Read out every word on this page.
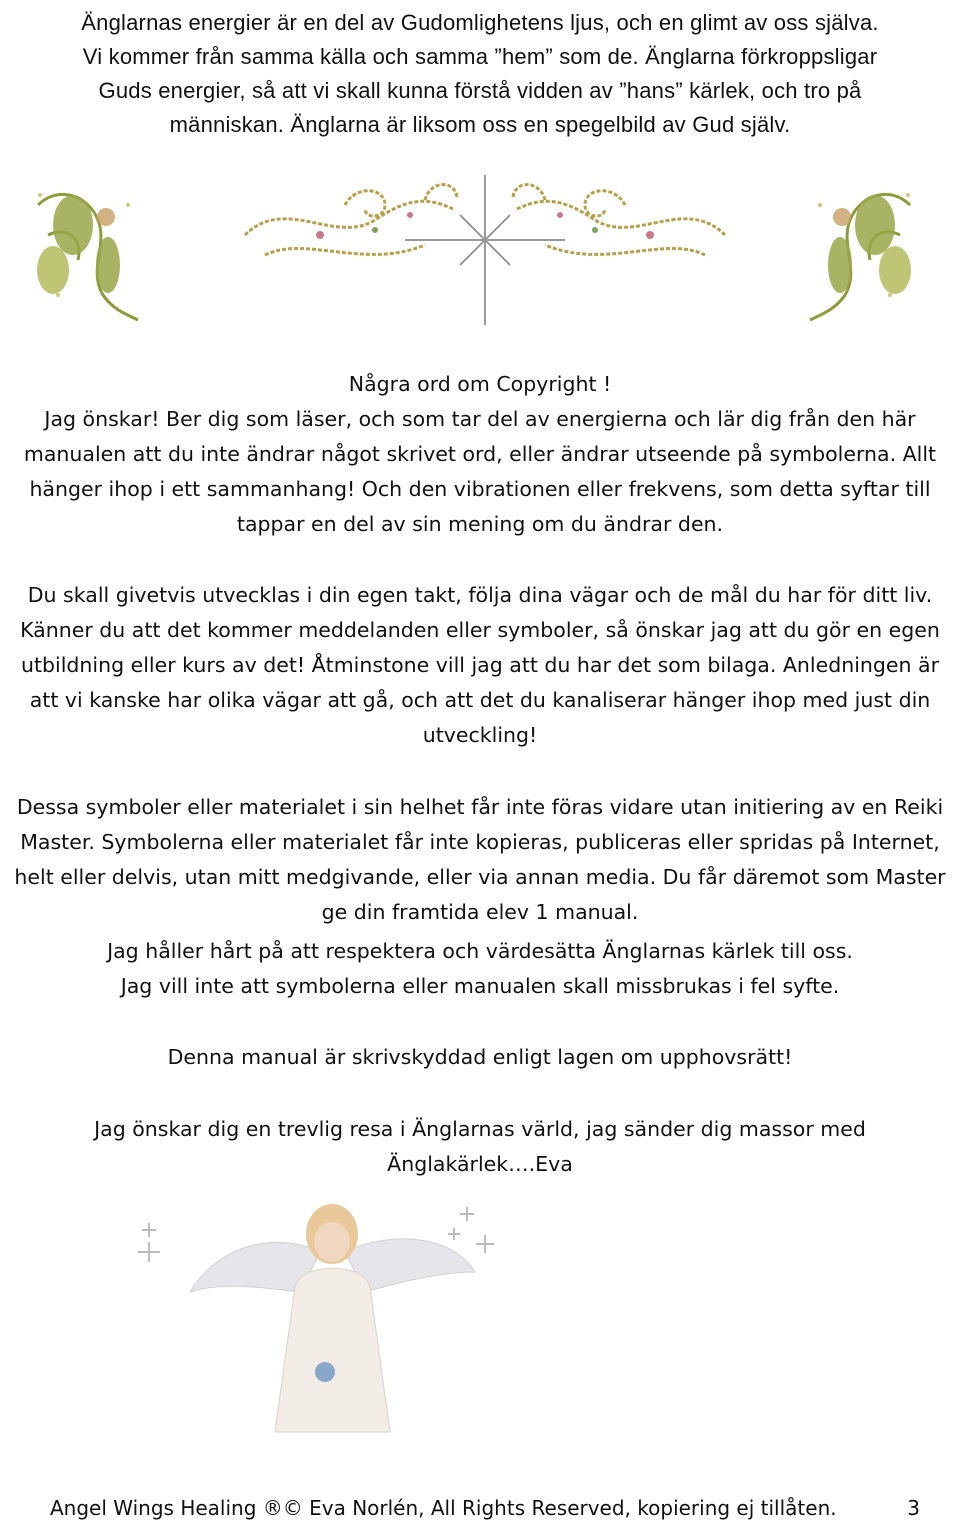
Änglarnas energier är en del av Gudomlighetens ljus, och en glimt av oss själva.

Vi kommer från samma källa och samma ”hem” som de. Änglarna förkroppsligar

Guds energier, så att vi skall kunna förstå vidden av ”hans” kärlek, och tro på

människan. Änglarna är liksom oss en spegelbild av Gud själv.

Några ord om Copyright !

Jag önskar! Ber dig som läser, och som tar del av energierna och lär dig från den här manualen att du inte ändrar något skrivet ord, eller ändrar utseende på symbolerna. Allt hänger ihop i ett sammanhang! Och den vibrationen eller frekvens, som detta syftar till tappar en del av sin mening om du ändrar den.

Du skall givetvis utvecklas i din egen takt, följa dina vägar och de mål du har för ditt liv. Känner du att det kommer meddelanden eller symboler, så önskar jag att du gör en egen utbildning eller kurs av det! Åtminstone vill jag att du har det som bilaga. Anledningen är att vi kanske har olika vägar att gå, och att det du kanaliserar hänger ihop med just din utveckling!

Dessa symboler eller materialet i sin helhet får inte föras vidare utan initiering av en Reiki Master. Symbolerna eller materialet får inte kopieras, publiceras eller spridas på Internet, helt eller delvis, utan mitt medgivande, eller via annan media. Du får däremot som Master ge din framtida elev 1 manual.

Jag håller hårt på att respektera och värdesätta Änglarnas kärlek till oss.

Jag vill inte att symbolerna eller manualen skall missbrukas i fel syfte.

Denna manual är skrivskyddad enligt lagen om upphovsrätt!

Jag önskar dig en trevlig resa i Änglarnas värld, jag sänder dig massor med

Änglakärlek….Eva

Angel Wings Healing ®© Eva Norlén, All Rights Reserved, kopiering ej tillåten.	3
